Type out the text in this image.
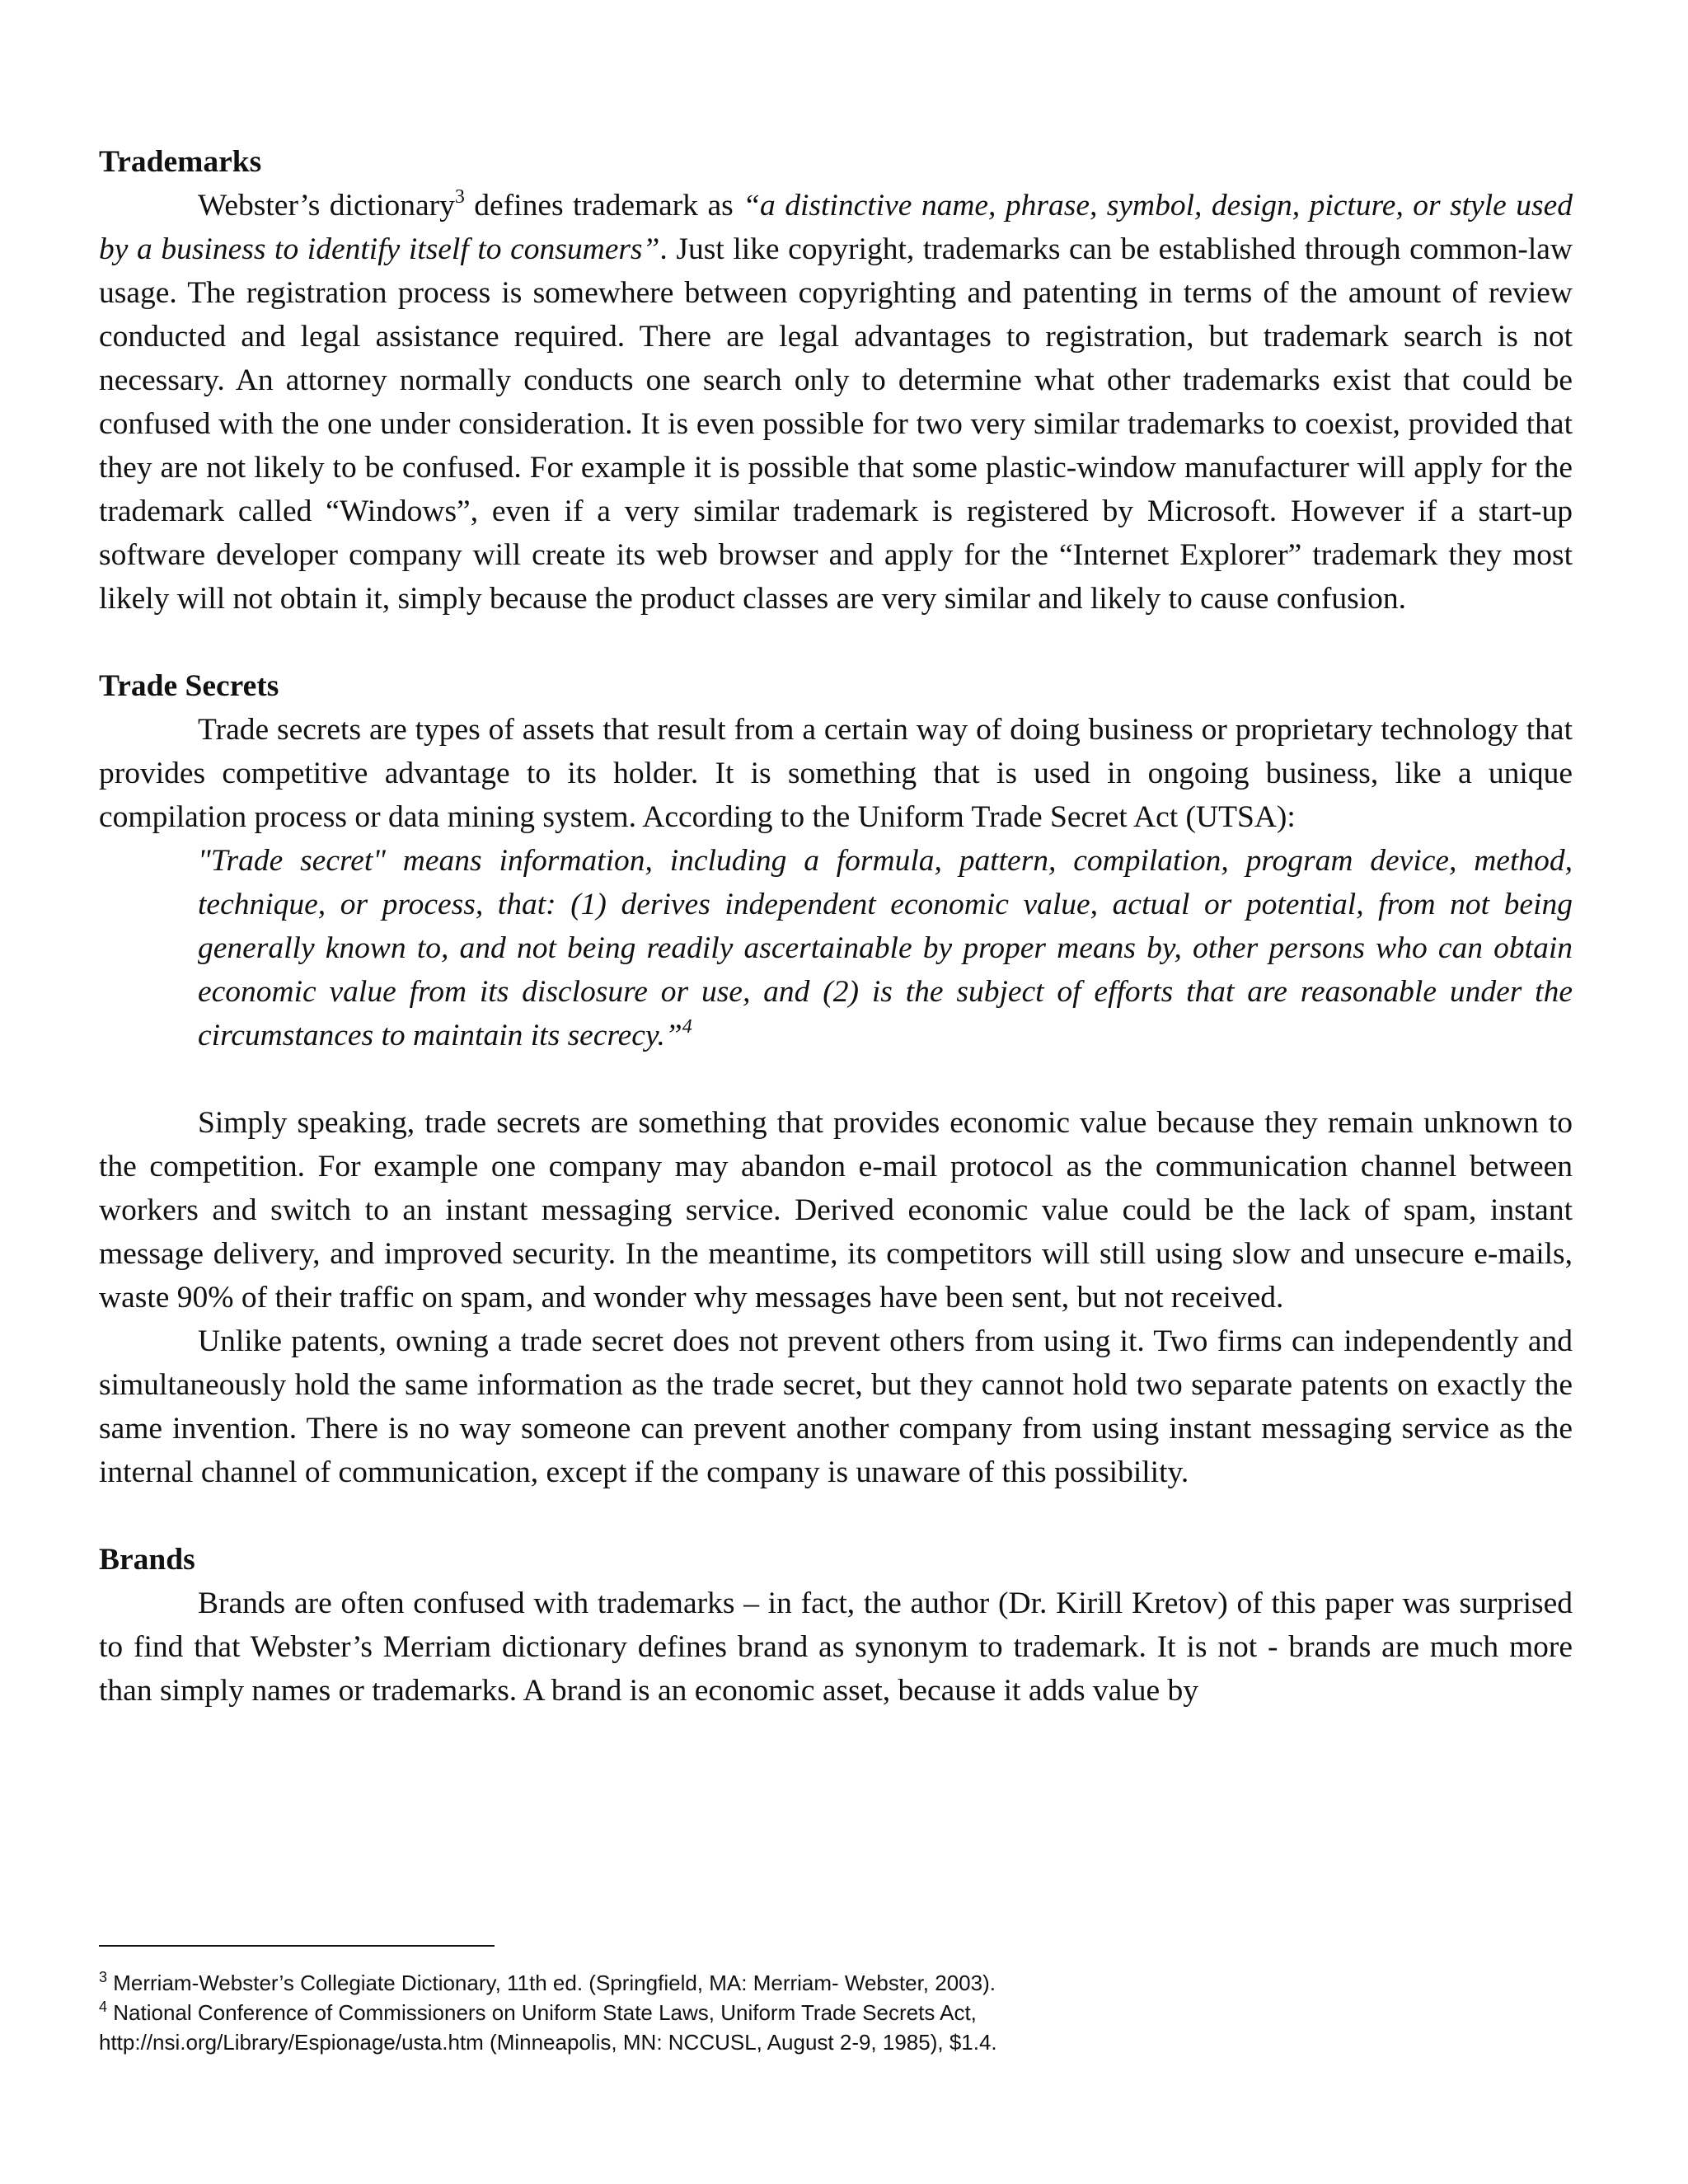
Trademarks

Webster’s dictionary$^3$ defines trademark as “a distinctive name, phrase, symbol, design, picture, or style used by a business to identify itself to consumers”. Just like copyright, trademarks can be established through common-law usage. The registration process is somewhere between copyrighting and patenting in terms of the amount of review conducted and legal assistance required. There are legal advantages to registration, but trademark search is not necessary. An attorney normally conducts one search only to determine what other trademarks exist that could be confused with the one under consideration. It is even possible for two very similar trademarks to coexist, provided that they are not likely to be confused. For example it is possible that some plastic-window manufacturer will apply for the trademark called “Windows”, even if a very similar trademark is registered by Microsoft. However if a start-up software developer company will create its web browser and apply for the “Internet Explorer” trademark they most likely will not obtain it, simply because the product classes are very similar and likely to cause confusion.

Trade Secrets

Trade secrets are types of assets that result from a certain way of doing business or proprietary technology that provides competitive advantage to its holder. It is something that is used in ongoing business, like a unique compilation process or data mining system. According to the Uniform Trade Secret Act (UTSA):

"Trade secret" means information, including a formula, pattern, compilation, program device, method, technique, or process, that: (1) derives independent economic value, actual or potential, from not being generally known to, and not being readily ascertainable by proper means by, other persons who can obtain economic value from its disclosure or use, and (2) is the subject of efforts that are reasonable under the circumstances to maintain its secrecy.”$^4$

Simply speaking, trade secrets are something that provides economic value because they remain unknown to the competition. For example one company may abandon e-mail protocol as the communication channel between workers and switch to an instant messaging service. Derived economic value could be the lack of spam, instant message delivery, and improved security. In the meantime, its competitors will still using slow and unsecure e-mails, waste 90% of their traffic on spam, and wonder why messages have been sent, but not received.

Unlike patents, owning a trade secret does not prevent others from using it. Two firms can independently and simultaneously hold the same information as the trade secret, but they cannot hold two separate patents on exactly the same invention. There is no way someone can prevent another company from using instant messaging service as the internal channel of communication, except if the company is unaware of this possibility.

Brands

Brands are often confused with trademarks – in fact, the author (Dr. Kirill Kretov) of this paper was surprised to find that Webster’s Merriam dictionary defines brand as synonym to trademark. It is not - brands are much more than simply names or trademarks. A brand is an economic asset, because it adds value by

$^3$ Merriam-Webster’s Collegiate Dictionary, 11th ed. (Springfield, MA: Merriam- Webster, 2003).
$^4$ National Conference of Commissioners on Uniform State Laws, Uniform Trade Secrets Act,
http://nsi.org/Library/Espionage/usta.htm (Minneapolis, MN: NCCUSL, August 2-9, 1985), $1.4.
